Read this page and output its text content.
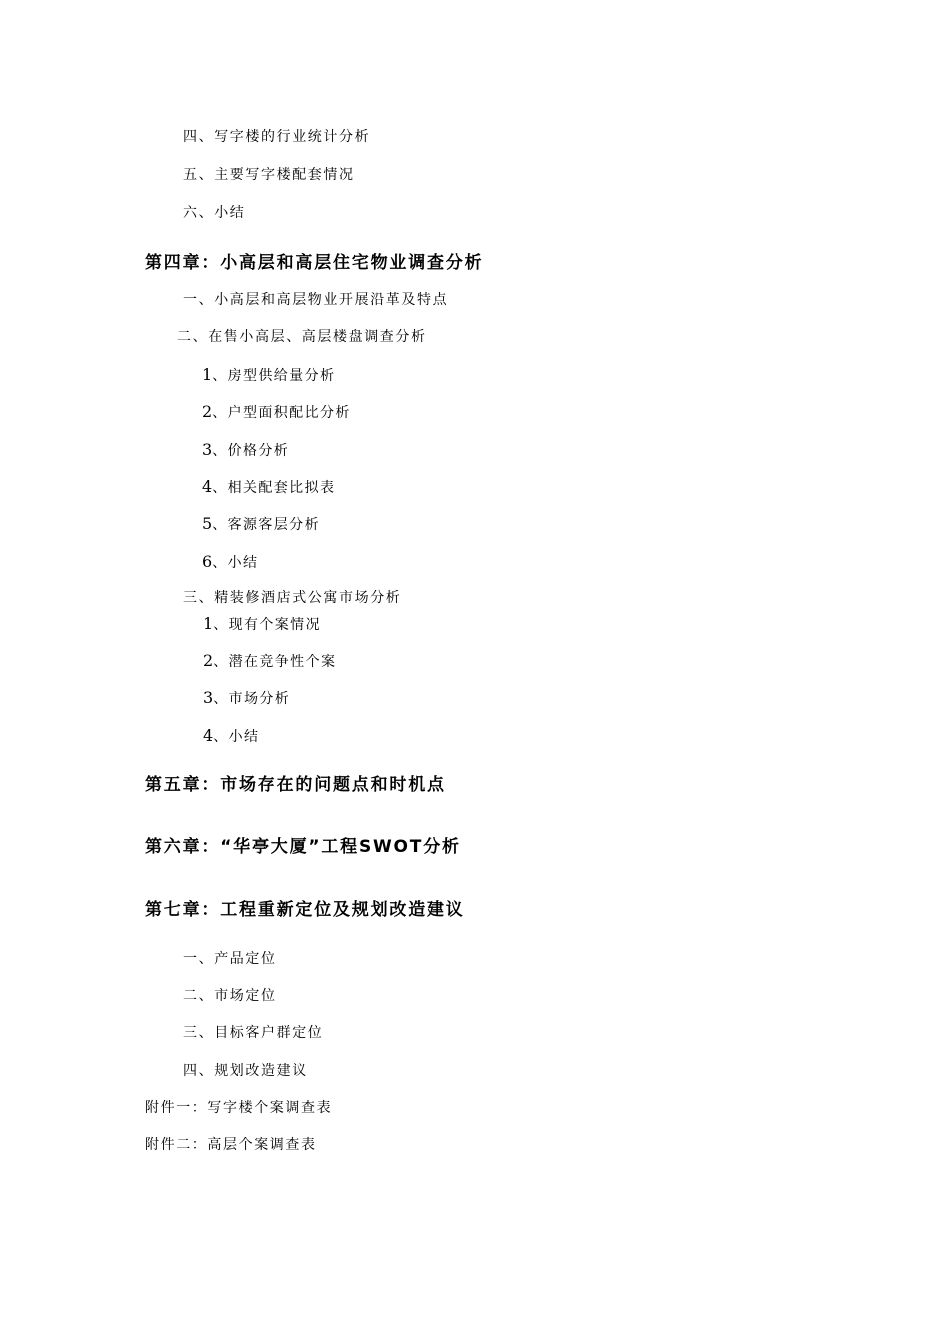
四、写字楼的行业统计分析
五、主要写字楼配套情况
六、小结
第四章：小高层和高层住宅物业调查分析
一、小高层和高层物业开展沿革及特点
二、在售小高层、高层楼盘调查分析
1、房型供给量分析
2、户型面积配比分析
3、价格分析
4、相关配套比拟表
5、客源客层分析
6、小结
三、精装修酒店式公寓市场分析
1、现有个案情况
2、潜在竞争性个案
3、市场分析
4、小结
第五章：市场存在的问题点和时机点
第六章：“华亭大厦”工程SWOT分析
第七章：工程重新定位及规划改造建议
一、产品定位
二、市场定位
三、目标客户群定位
四、规划改造建议
附件一：写字楼个案调查表
附件二：高层个案调查表
